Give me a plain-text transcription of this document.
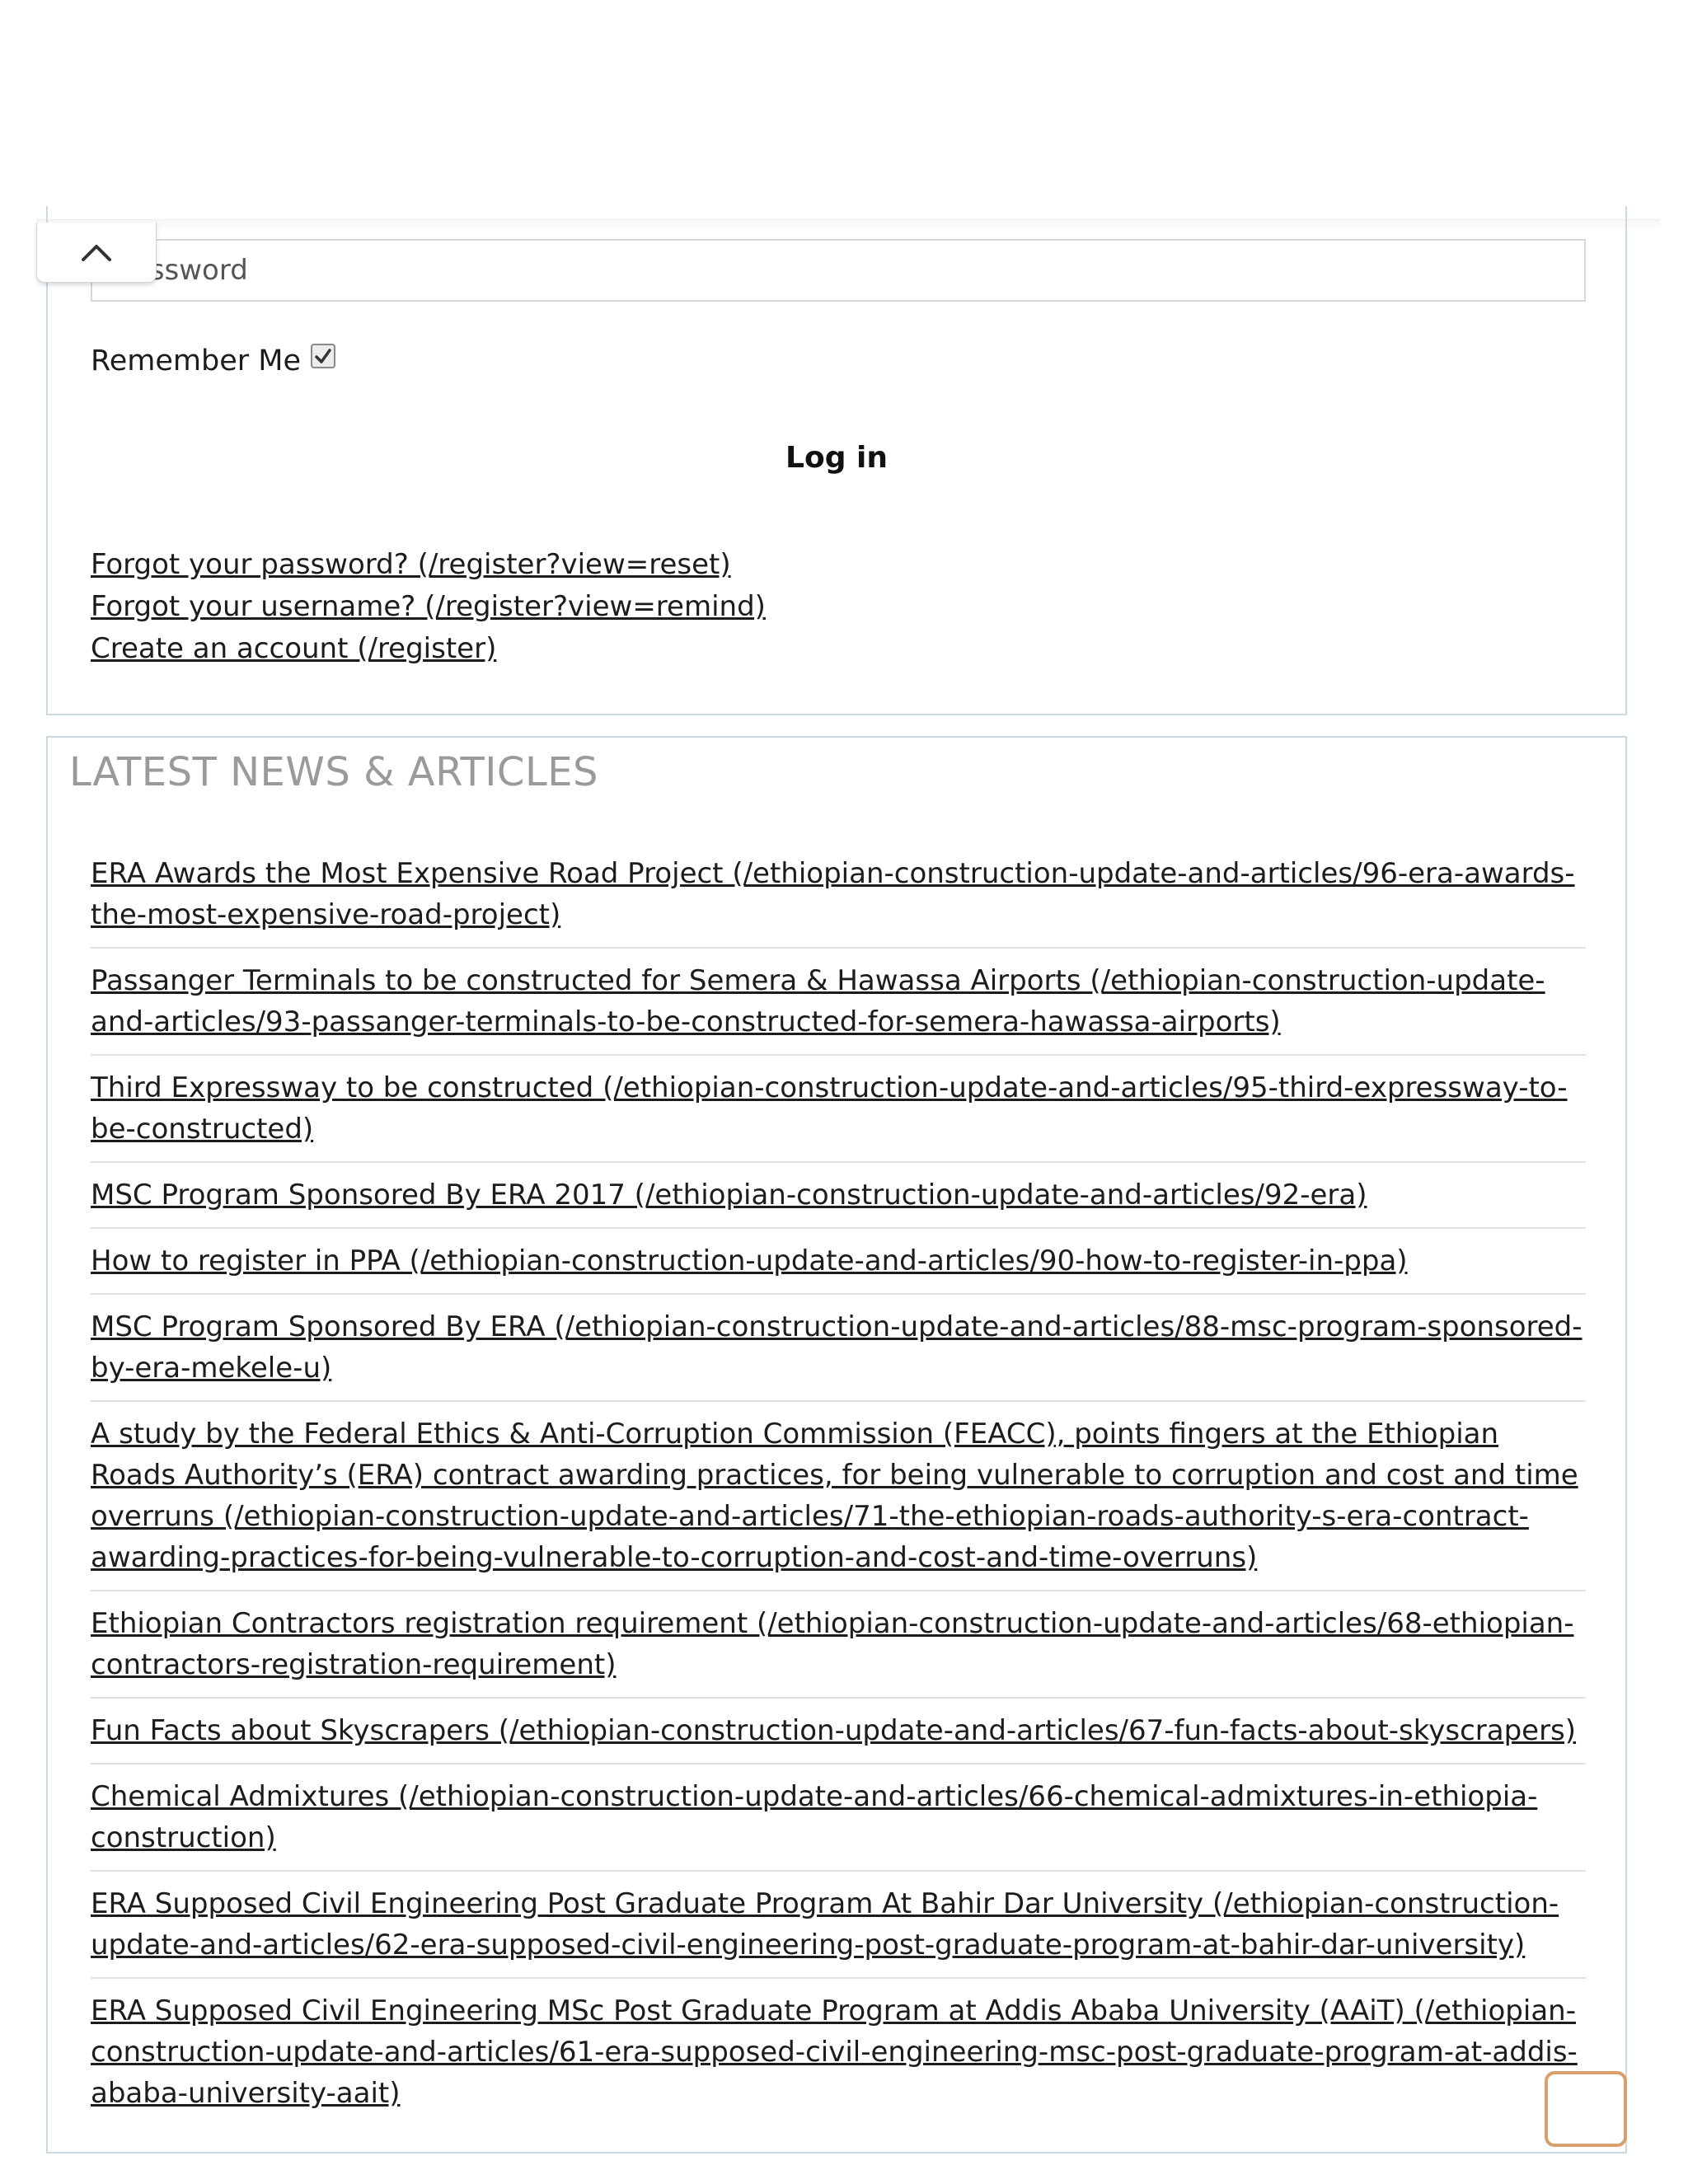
Remember Me
Log in
Forgot your password? (/register?view=reset)
Forgot your username? (/register?view=remind)
Create an account (/register)
LATEST NEWS & ARTICLES
ERA Awards the Most Expensive Road Project (/ethiopian-construction-update-and-articles/96-era-awards-the-most-expensive-road-project)
Passanger Terminals to be constructed for Semera & Hawassa Airports (/ethiopian-construction-update-and-articles/93-passanger-terminals-to-be-constructed-for-semera-hawassa-airports)
Third Expressway to be constructed (/ethiopian-construction-update-and-articles/95-third-expressway-to-be-constructed)
MSC Program Sponsored By ERA 2017 (/ethiopian-construction-update-and-articles/92-era)
How to register in PPA (/ethiopian-construction-update-and-articles/90-how-to-register-in-ppa)
MSC Program Sponsored By ERA (/ethiopian-construction-update-and-articles/88-msc-program-sponsored-by-era-mekele-u)
A study by the Federal Ethics & Anti-Corruption Commission (FEACC), points fingers at the Ethiopian Roads Authority’s (ERA) contract awarding practices, for being vulnerable to corruption and cost and time overruns (/ethiopian-construction-update-and-articles/71-the-ethiopian-roads-authority-s-era-contract-awarding-practices-for-being-vulnerable-to-corruption-and-cost-and-time-overruns)
Ethiopian Contractors registration requirement (/ethiopian-construction-update-and-articles/68-ethiopian-contractors-registration-requirement)
Fun Facts about Skyscrapers (/ethiopian-construction-update-and-articles/67-fun-facts-about-skyscrapers)
Chemical Admixtures (/ethiopian-construction-update-and-articles/66-chemical-admixtures-in-ethiopia-construction)
ERA Supposed Civil Engineering Post Graduate Program At Bahir Dar University (/ethiopian-construction-update-and-articles/62-era-supposed-civil-engineering-post-graduate-program-at-bahir-dar-university)
ERA Supposed Civil Engineering MSc Post Graduate Program at Addis Ababa University (AAiT) (/ethiopian-construction-update-and-articles/61-era-supposed-civil-engineering-msc-post-graduate-program-at-addis-ababa-university-aait)
